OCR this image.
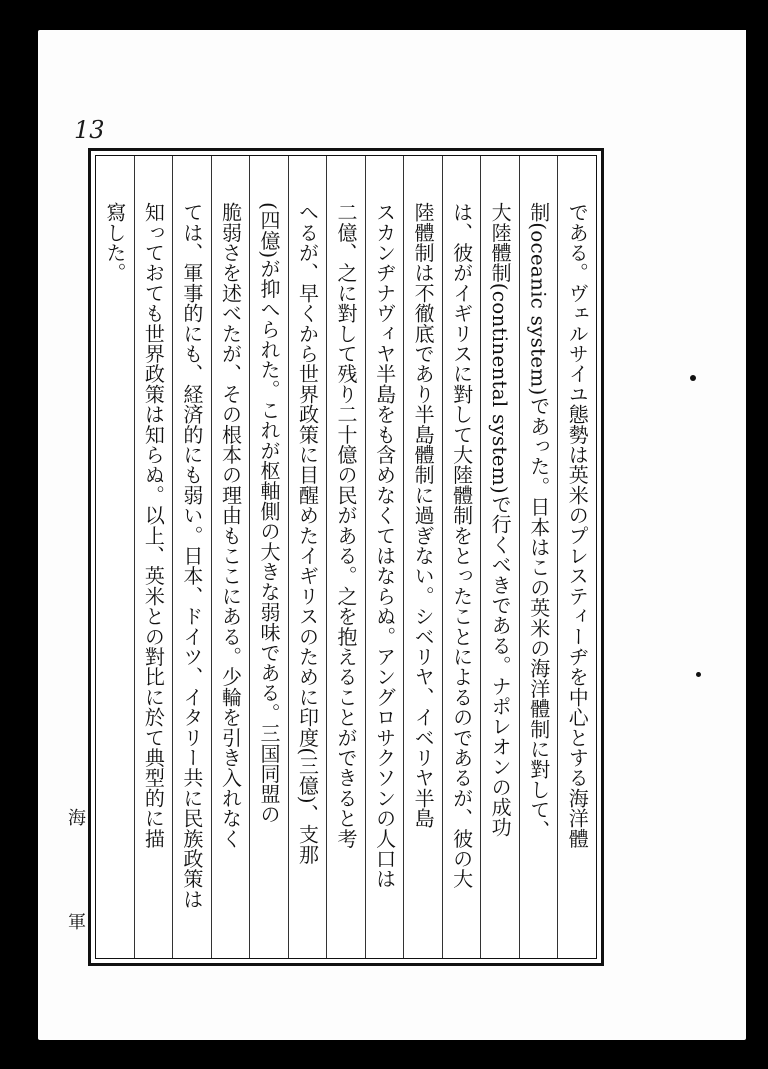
13
である。ヴェルサイユ態勢は英米のプレスティーヂを中心とする海洋體
制(oceanic system)であった。日本はこの英米の海洋體制に對して、
大陸體制(continental system)で行くべきである。ナポレオンの成功
は、彼がイギリスに對して大陸體制をとったことによるのであるが、彼の大
陸體制は不徹底であり半島體制に過ぎない。シベリヤ、イベリヤ半島
スカンヂナヴィヤ半島をも含めなくてはならぬ。アングロサクソンの人口は
二億、之に對して残り二十億の民がある。之を抱えることができると考
へるが、早くから世界政策に目醒めたイギリスのために印度(三億)、支那
(四億)が抑へられた。これが枢軸側の大きな弱味である。三国同盟の
脆弱さを述べたが、その根本の理由もここにある。少輪を引き入れなく
ては、軍事的にも、経済的にも弱い。日本、ドイツ、イタリー共に民族政策は
知っておても世界政策は知らぬ。以上、英米との對比に於て典型的に描
寫した。
海
軍
